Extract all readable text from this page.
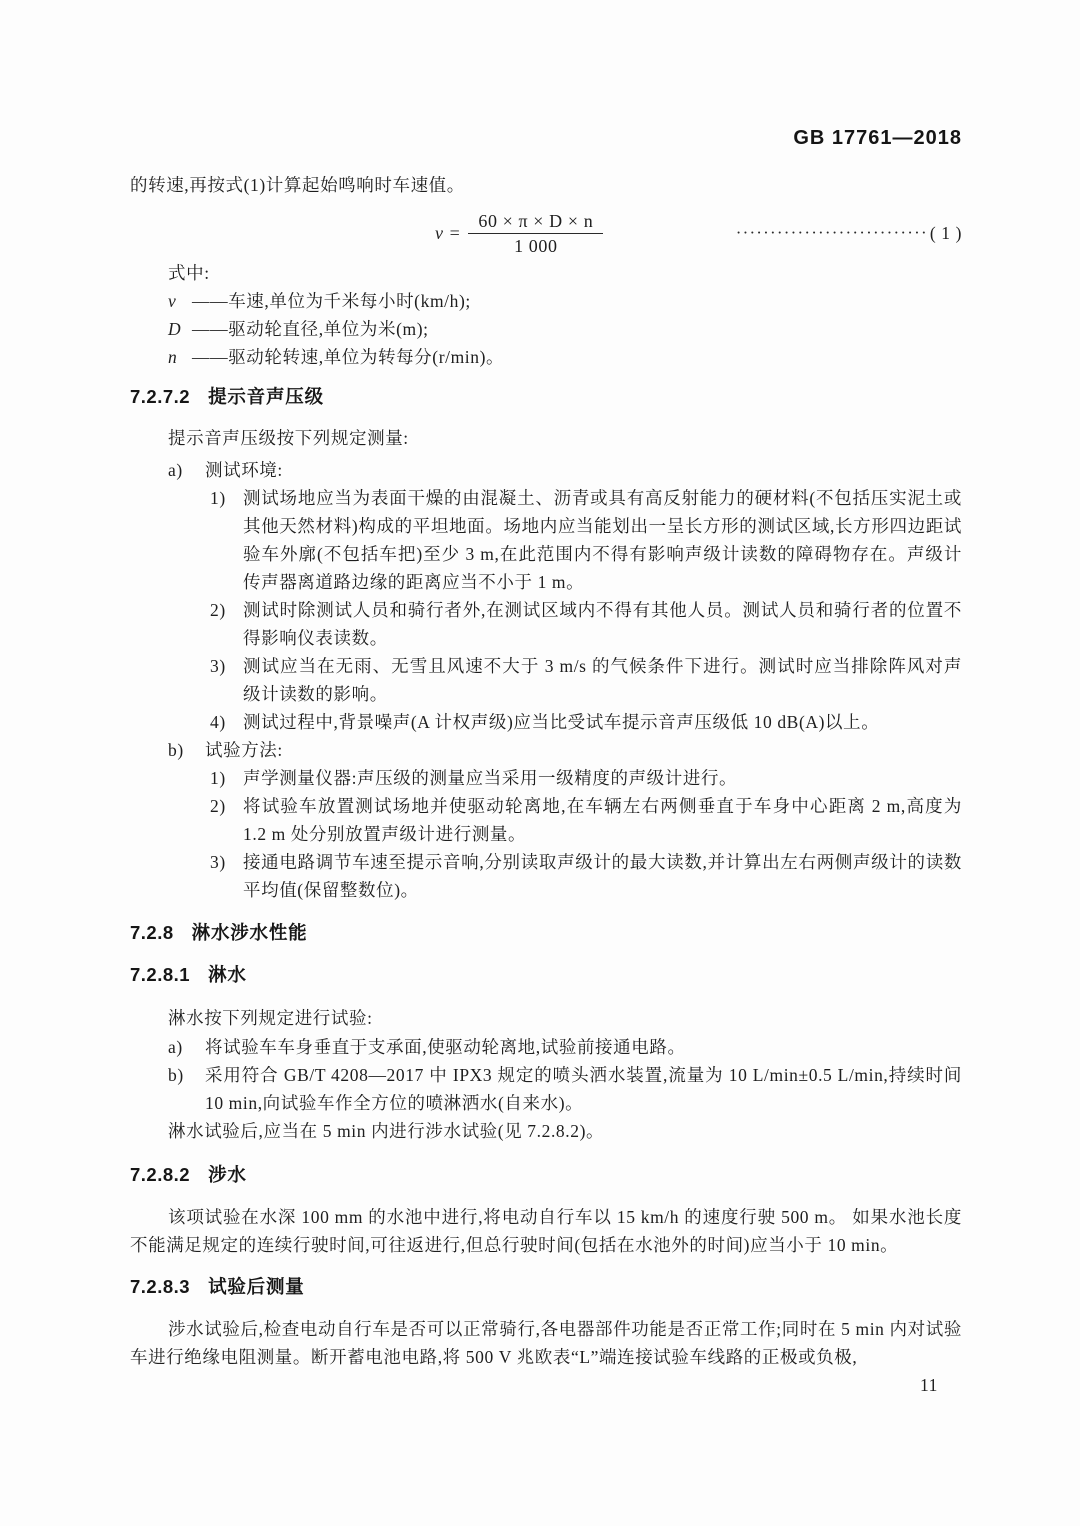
GB 17761—2018

的转速,再按式(1)计算起始鸣响时车速值。

$v = \frac{60 \times \pi \times D \times n}{1 000}$	···························· ( 1 )

式中:

v ——车速,单位为千米每小时(km/h);
D ——驱动轮直径,单位为米(m);
n ——驱动轮转速,单位为转每分(r/min)。
7.2.7.2 提示音声压级

提示音声压级按下列规定测量:

a)	测试环境:
1) 测试场地应当为表面干燥的由混凝土、沥青或具有高反射能力的硬材料(不包括压实泥土或其他天然材料)构成的平坦地面。场地内应当能划出一呈长方形的测试区域,长方形四边距试验车外廓(不包括车把)至少 3 m,在此范围内不得有影响声级计读数的障碍物存在。声级计传声器离道路边缘的距离应当不小于 1 m。
2) 测试时除测试人员和骑行者外,在测试区域内不得有其他人员。测试人员和骑行者的位置不得影响仪表读数。
3) 测试应当在无雨、无雪且风速不大于 3 m/s 的气候条件下进行。测试时应当排除阵风对声级计读数的影响。
4) 测试过程中,背景噪声(A 计权声级)应当比受试车提示音声压级低 10 dB(A)以上。
b)	试验方法:
1) 声学测量仪器:声压级的测量应当采用一级精度的声级计进行。
2) 将试验车放置测试场地并使驱动轮离地,在车辆左右两侧垂直于车身中心距离 2 m,高度为 1.2 m 处分别放置声级计进行测量。
3) 接通电路调节车速至提示音响,分别读取声级计的最大读数,并计算出左右两侧声级计的读数平均值(保留整数位)。
7.2.8 淋水涉水性能
7.2.8.1 淋水

淋水按下列规定进行试验:

a)	将试验车车身垂直于支承面,使驱动轮离地,试验前接通电路。
b)	采用符合 GB/T 4208—2017 中 IPX3 规定的喷头洒水装置,流量为 10 L/min±0.5 L/min,持续时间 10 min,向试验车作全方位的喷淋洒水(自来水)。

淋水试验后,应当在 5 min 内进行涉水试验(见 7.2.8.2)。

7.2.8.2 涉水

该项试验在水深 100 mm 的水池中进行,将电动自行车以 15 km/h 的速度行驶 500 m。 如果水池长度不能满足规定的连续行驶时间,可往返进行,但总行驶时间(包括在水池外的时间)应当小于 10 min。

7.2.8.3 试验后测量

涉水试验后,检查电动自行车是否可以正常骑行,各电器部件功能是否正常工作;同时在 5 min 内对试验车进行绝缘电阻测量。断开蓄电池电路,将 500 V 兆欧表“L”端连接试验车线路的正极或负极,

11
